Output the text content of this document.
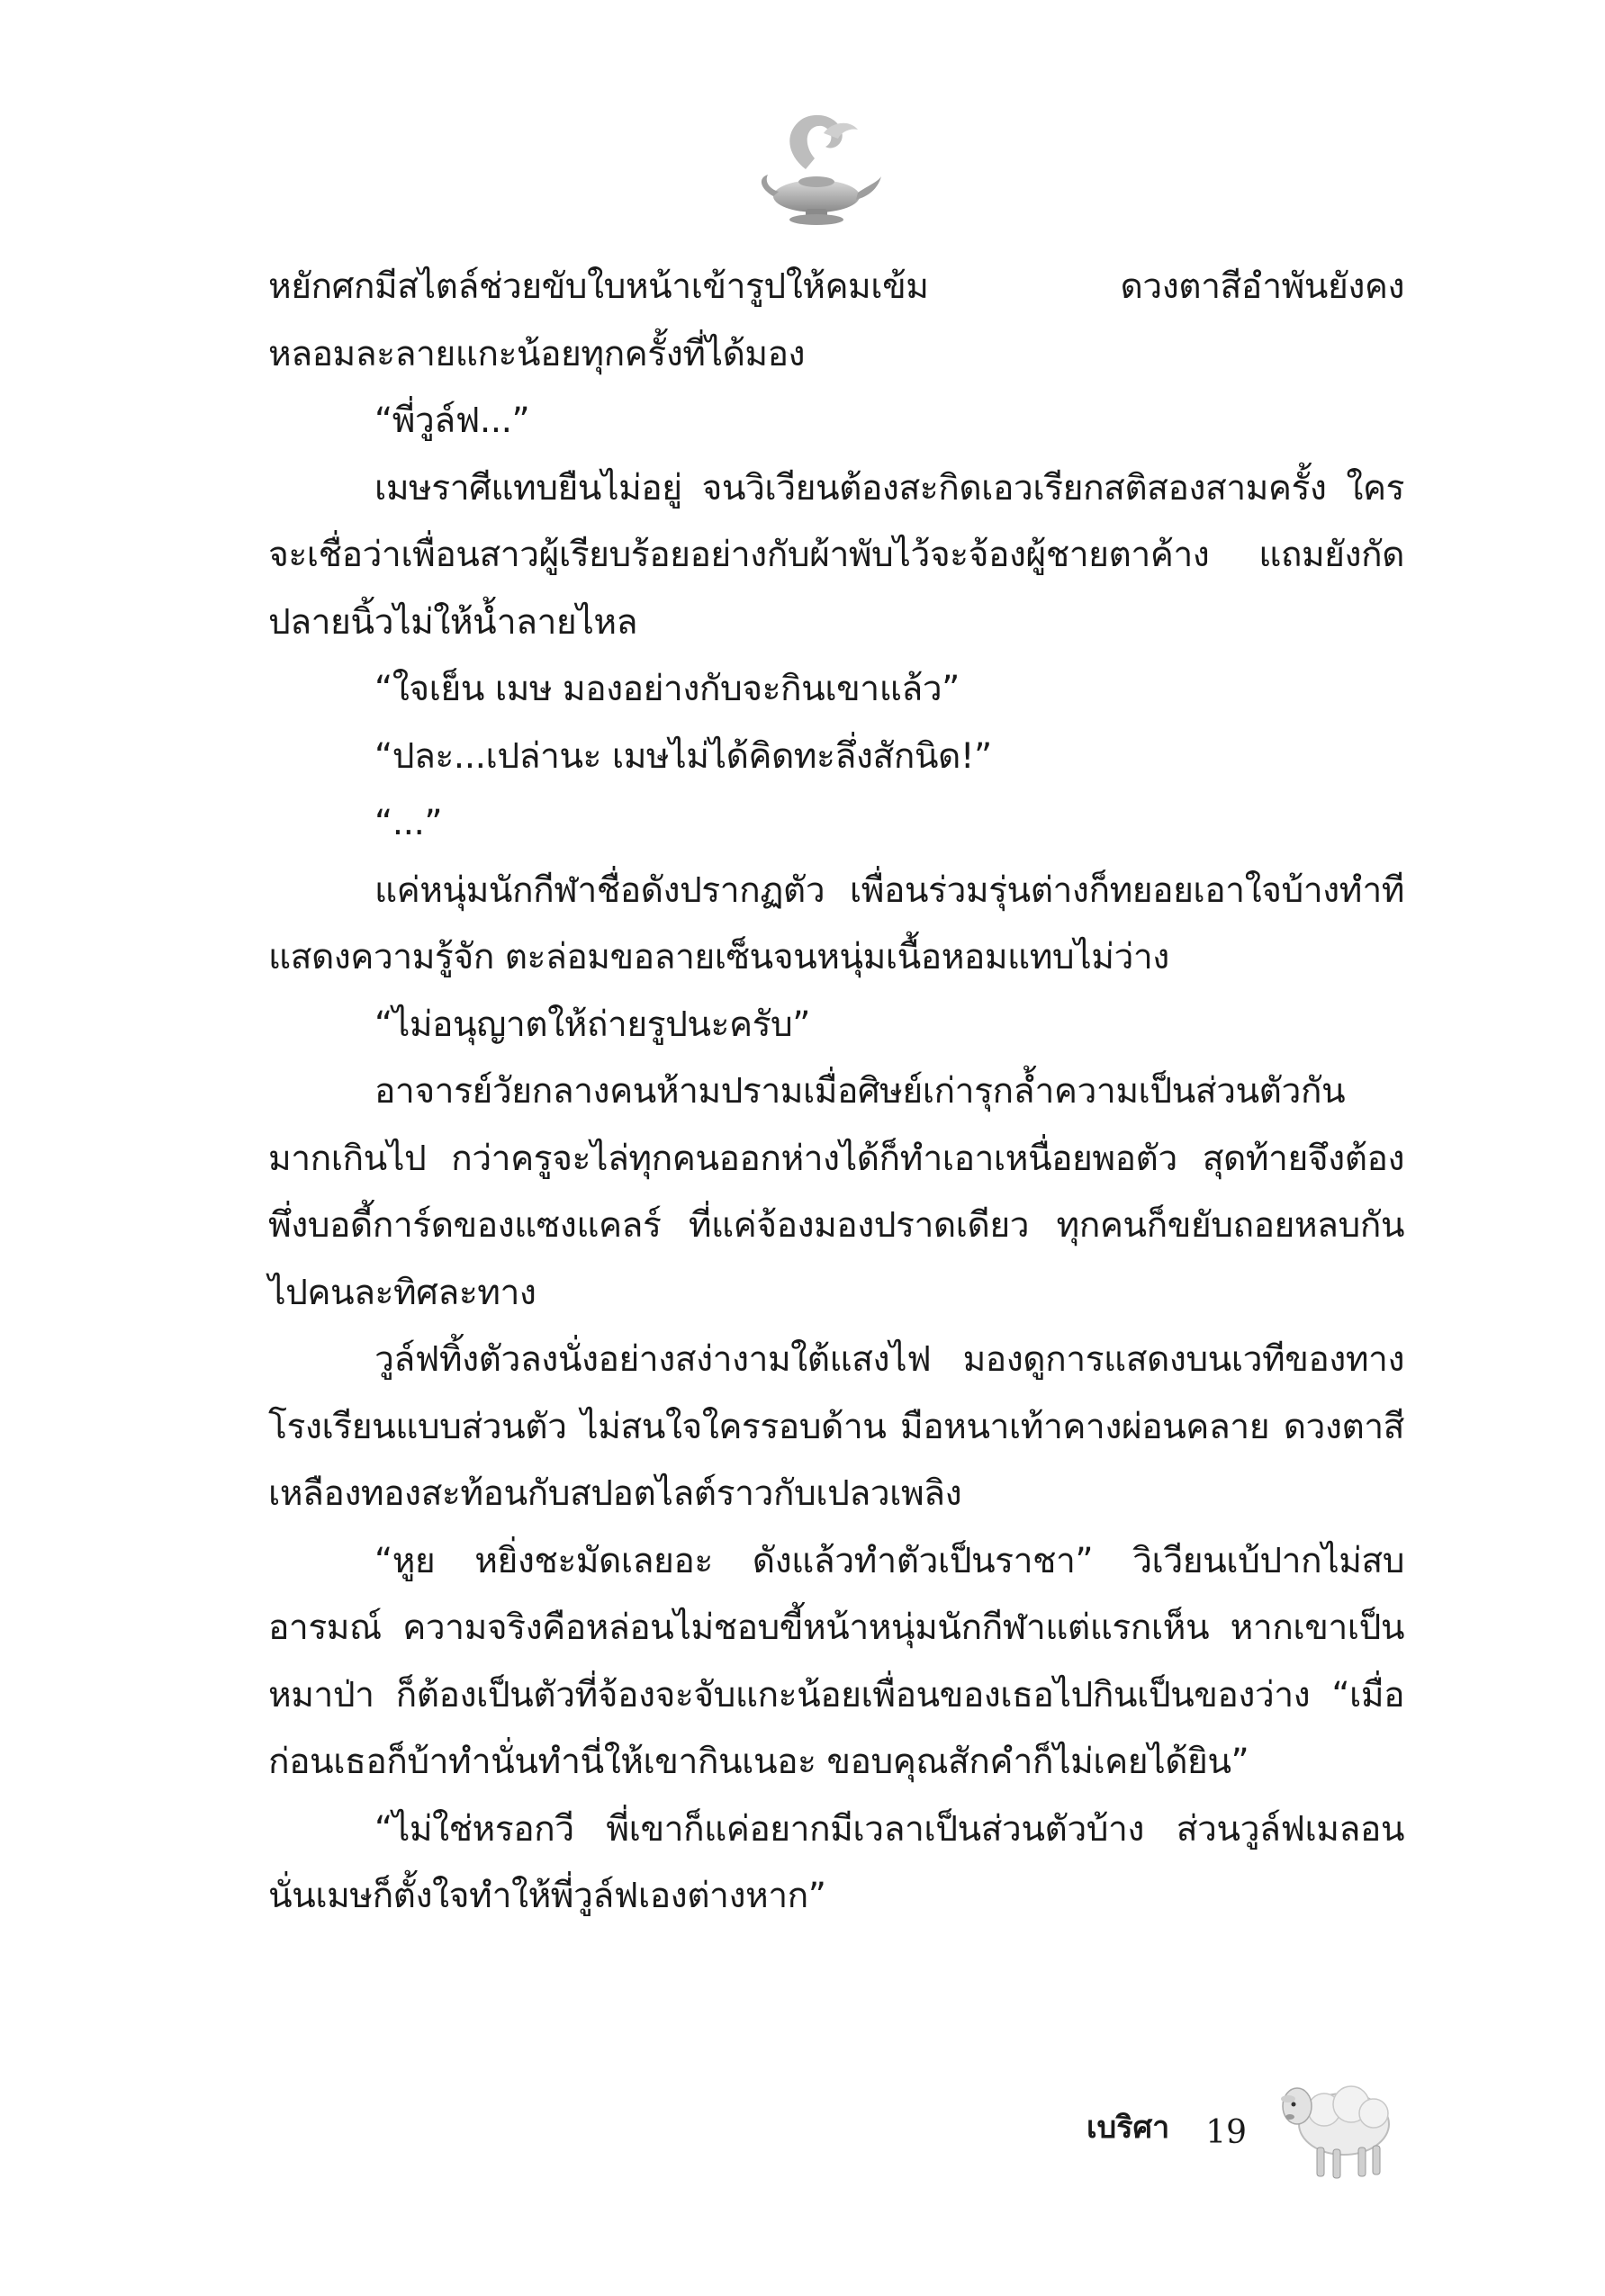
หยักศกมีสไตล์ช่วยขับใบหน้าเข้ารูปให้คมเข้ม ดวงตาสีอำพันยังคงหลอมละลายแกะน้อยทุกครั้งที่ได้มอง

“พี่วูล์ฟ...”

เมษราศีแทบยืนไม่อยู่ จนวิเวียนต้องสะกิดเอวเรียกสติสองสามครั้ง ใครจะเชื่อว่าเพื่อนสาวผู้เรียบร้อยอย่างกับผ้าพับไว้จะจ้องผู้ชายตาค้าง แถมยังกัดปลายนิ้วไม่ให้น้ำลายไหล

“ใจเย็น เมษ มองอย่างกับจะกินเขาแล้ว”

“ปละ...เปล่านะ เมษไม่ได้คิดทะลึ่งสักนิด!”

“...”

แค่หนุ่มนักกีฬาชื่อดังปรากฏตัว เพื่อนร่วมรุ่นต่างก็ทยอยเอาใจบ้างทำทีแสดงความรู้จัก ตะล่อมขอลายเซ็นจนหนุ่มเนื้อหอมแทบไม่ว่าง

“ไม่อนุญาตให้ถ่ายรูปนะครับ”

อาจารย์วัยกลางคนห้ามปรามเมื่อศิษย์เก่ารุกล้ำความเป็นส่วนตัวกันมากเกินไป กว่าครูจะไล่ทุกคนออกห่างได้ก็ทำเอาเหนื่อยพอตัว สุดท้ายจึงต้องพึ่งบอดี้การ์ดของแซงแคลร์ ที่แค่จ้องมองปราดเดียว ทุกคนก็ขยับถอยหลบกันไปคนละทิศละทาง

วูล์ฟทิ้งตัวลงนั่งอย่างสง่างามใต้แสงไฟ มองดูการแสดงบนเวทีของทางโรงเรียนแบบส่วนตัว ไม่สนใจใครรอบด้าน มือหนาเท้าคางผ่อนคลาย ดวงตาสีเหลืองทองสะท้อนกับสปอตไลต์ราวกับเปลวเพลิง

“หูย หยิ่งชะมัดเลยอะ ดังแล้วทำตัวเป็นราชา” วิเวียนเบ้ปากไม่สบอารมณ์ ความจริงคือหล่อนไม่ชอบขี้หน้าหนุ่มนักกีฬาแต่แรกเห็น หากเขาเป็นหมาป่า ก็ต้องเป็นตัวที่จ้องจะจับแกะน้อยเพื่อนของเธอไปกินเป็นของว่าง “เมื่อก่อนเธอก็บ้าทำนั่นทำนี่ให้เขากินเนอะ ขอบคุณสักคำก็ไม่เคยได้ยิน”

“ไม่ใช่หรอกวี พี่เขาก็แค่อยากมีเวลาเป็นส่วนตัวบ้าง ส่วนวูล์ฟเมลอนนั่นเมษก็ตั้งใจทำให้พี่วูล์ฟเองต่างหาก”

เบริศา 19
